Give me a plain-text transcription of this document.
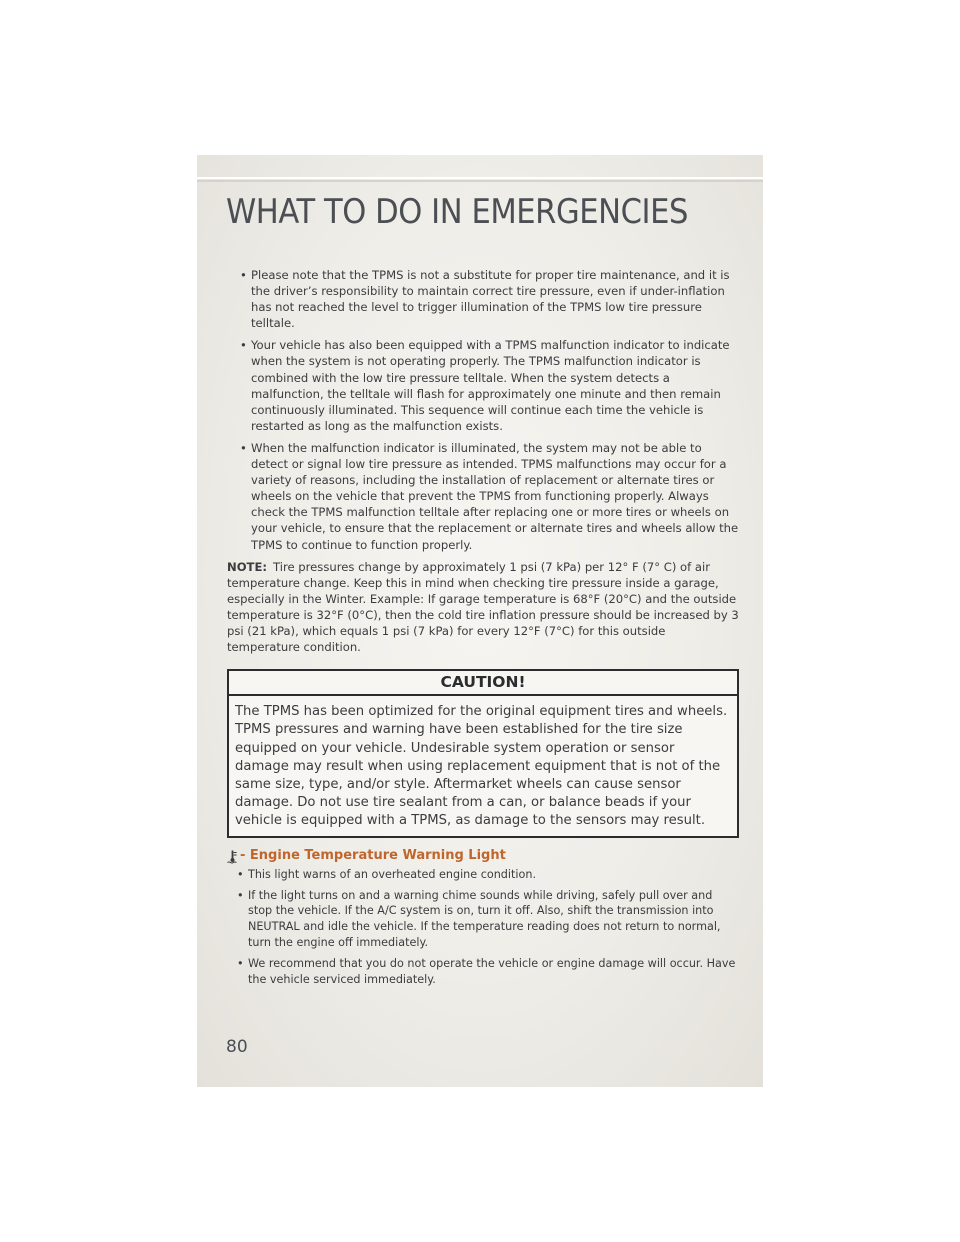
WHAT TO DO IN EMERGENCIES
• Please note that the TPMS is not a substitute for proper tire maintenance, and it is the driver’s responsibility to maintain correct tire pressure, even if under-inflation has not reached the level to trigger illumination of the TPMS low tire pressure telltale.
• Your vehicle has also been equipped with a TPMS malfunction indicator to indicate when the system is not operating properly. The TPMS malfunction indicator is combined with the low tire pressure telltale. When the system detects a malfunction, the telltale will flash for approximately one minute and then remain continuously illuminated. This sequence will continue each time the vehicle is restarted as long as the malfunction exists.
• When the malfunction indicator is illuminated, the system may not be able to detect or signal low tire pressure as intended. TPMS malfunctions may occur for a variety of reasons, including the installation of replacement or alternate tires or wheels on the vehicle that prevent the TPMS from functioning properly. Always check the TPMS malfunction telltale after replacing one or more tires or wheels on your vehicle, to ensure that the replacement or alternate tires and wheels allow the TPMS to continue to function properly.

NOTE: Tire pressures change by approximately 1 psi (7 kPa) per 12° F (7° C) of air temperature change. Keep this in mind when checking tire pressure inside a garage, especially in the Winter. Example: If garage temperature is 68°F (20°C) and the outside temperature is 32°F (0°C), then the cold tire inflation pressure should be increased by 3 psi (21 kPa), which equals 1 psi (7 kPa) for every 12°F (7°C) for this outside temperature condition.

CAUTION!
The TPMS has been optimized for the original equipment tires and wheels. TPMS pressures and warning have been established for the tire size equipped on your vehicle. Undesirable system operation or sensor damage may result when using replacement equipment that is not of the same size, type, and/or style. Aftermarket wheels can cause sensor damage. Do not use tire sealant from a can, or balance beads if your vehicle is equipped with a TPMS, as damage to the sensors may result.
- Engine Temperature Warning Light
• This light warns of an overheated engine condition.
• If the light turns on and a warning chime sounds while driving, safely pull over and stop the vehicle. If the A/C system is on, turn it off. Also, shift the transmission into NEUTRAL and idle the vehicle. If the temperature reading does not return to normal, turn the engine off immediately.
• We recommend that you do not operate the vehicle or engine damage will occur. Have the vehicle serviced immediately.
80
